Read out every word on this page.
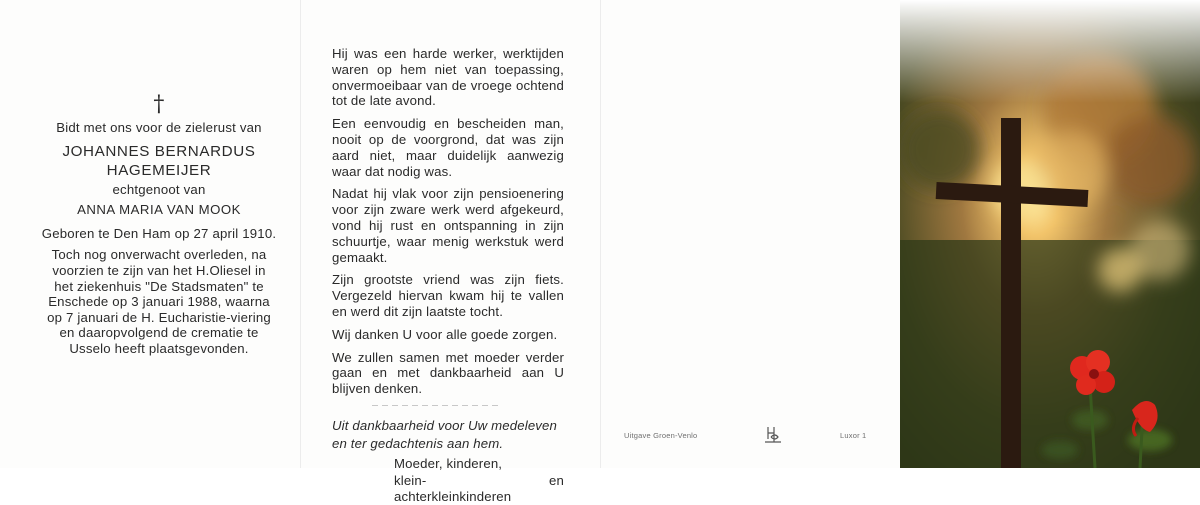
†
Bidt met ons voor de zielerust van
JOHANNES BERNARDUS
HAGEMEIJER
echtgenoot van
ANNA MARIA VAN MOOK
Geboren te Den Ham op 27 april 1910.
Toch nog onverwacht overleden, na
voorzien te zijn van het H.Oliesel in
het ziekenhuis "De Stadsmaten" te
Enschede op 3 januari 1988, waarna
op 7 januari de H. Eucharistie-viering
en daaropvolgend de crematie te
Usselo heeft plaatsgevonden.

Hij was een harde werker, werktijden waren op hem niet van toepassing, onvermoeibaar van de vroege ochtend tot de late avond.

Een eenvoudig en bescheiden man, nooit op de voorgrond, dat was zijn aard niet, maar duidelijk aanwezig waar dat nodig was.

Nadat hij vlak voor zijn pensioenering voor zijn zware werk werd afgekeurd, vond hij rust en ontspanning in zijn schuurtje, waar menig werkstuk werd gemaakt.

Zijn grootste vriend was zijn fiets. Vergezeld hiervan kwam hij te vallen en werd dit zijn laatste tocht.

Wij danken U voor alle goede zorgen.

We zullen samen met moeder verder gaan en met dankbaarheid aan U blijven denken.

Uit dankbaarheid voor Uw medeleven

en ter gedachtenis aan hem.

Moeder, kinderen,

klein- en achterkleinkinderen

Uitgave Groen-Venlo	Luxor 1
